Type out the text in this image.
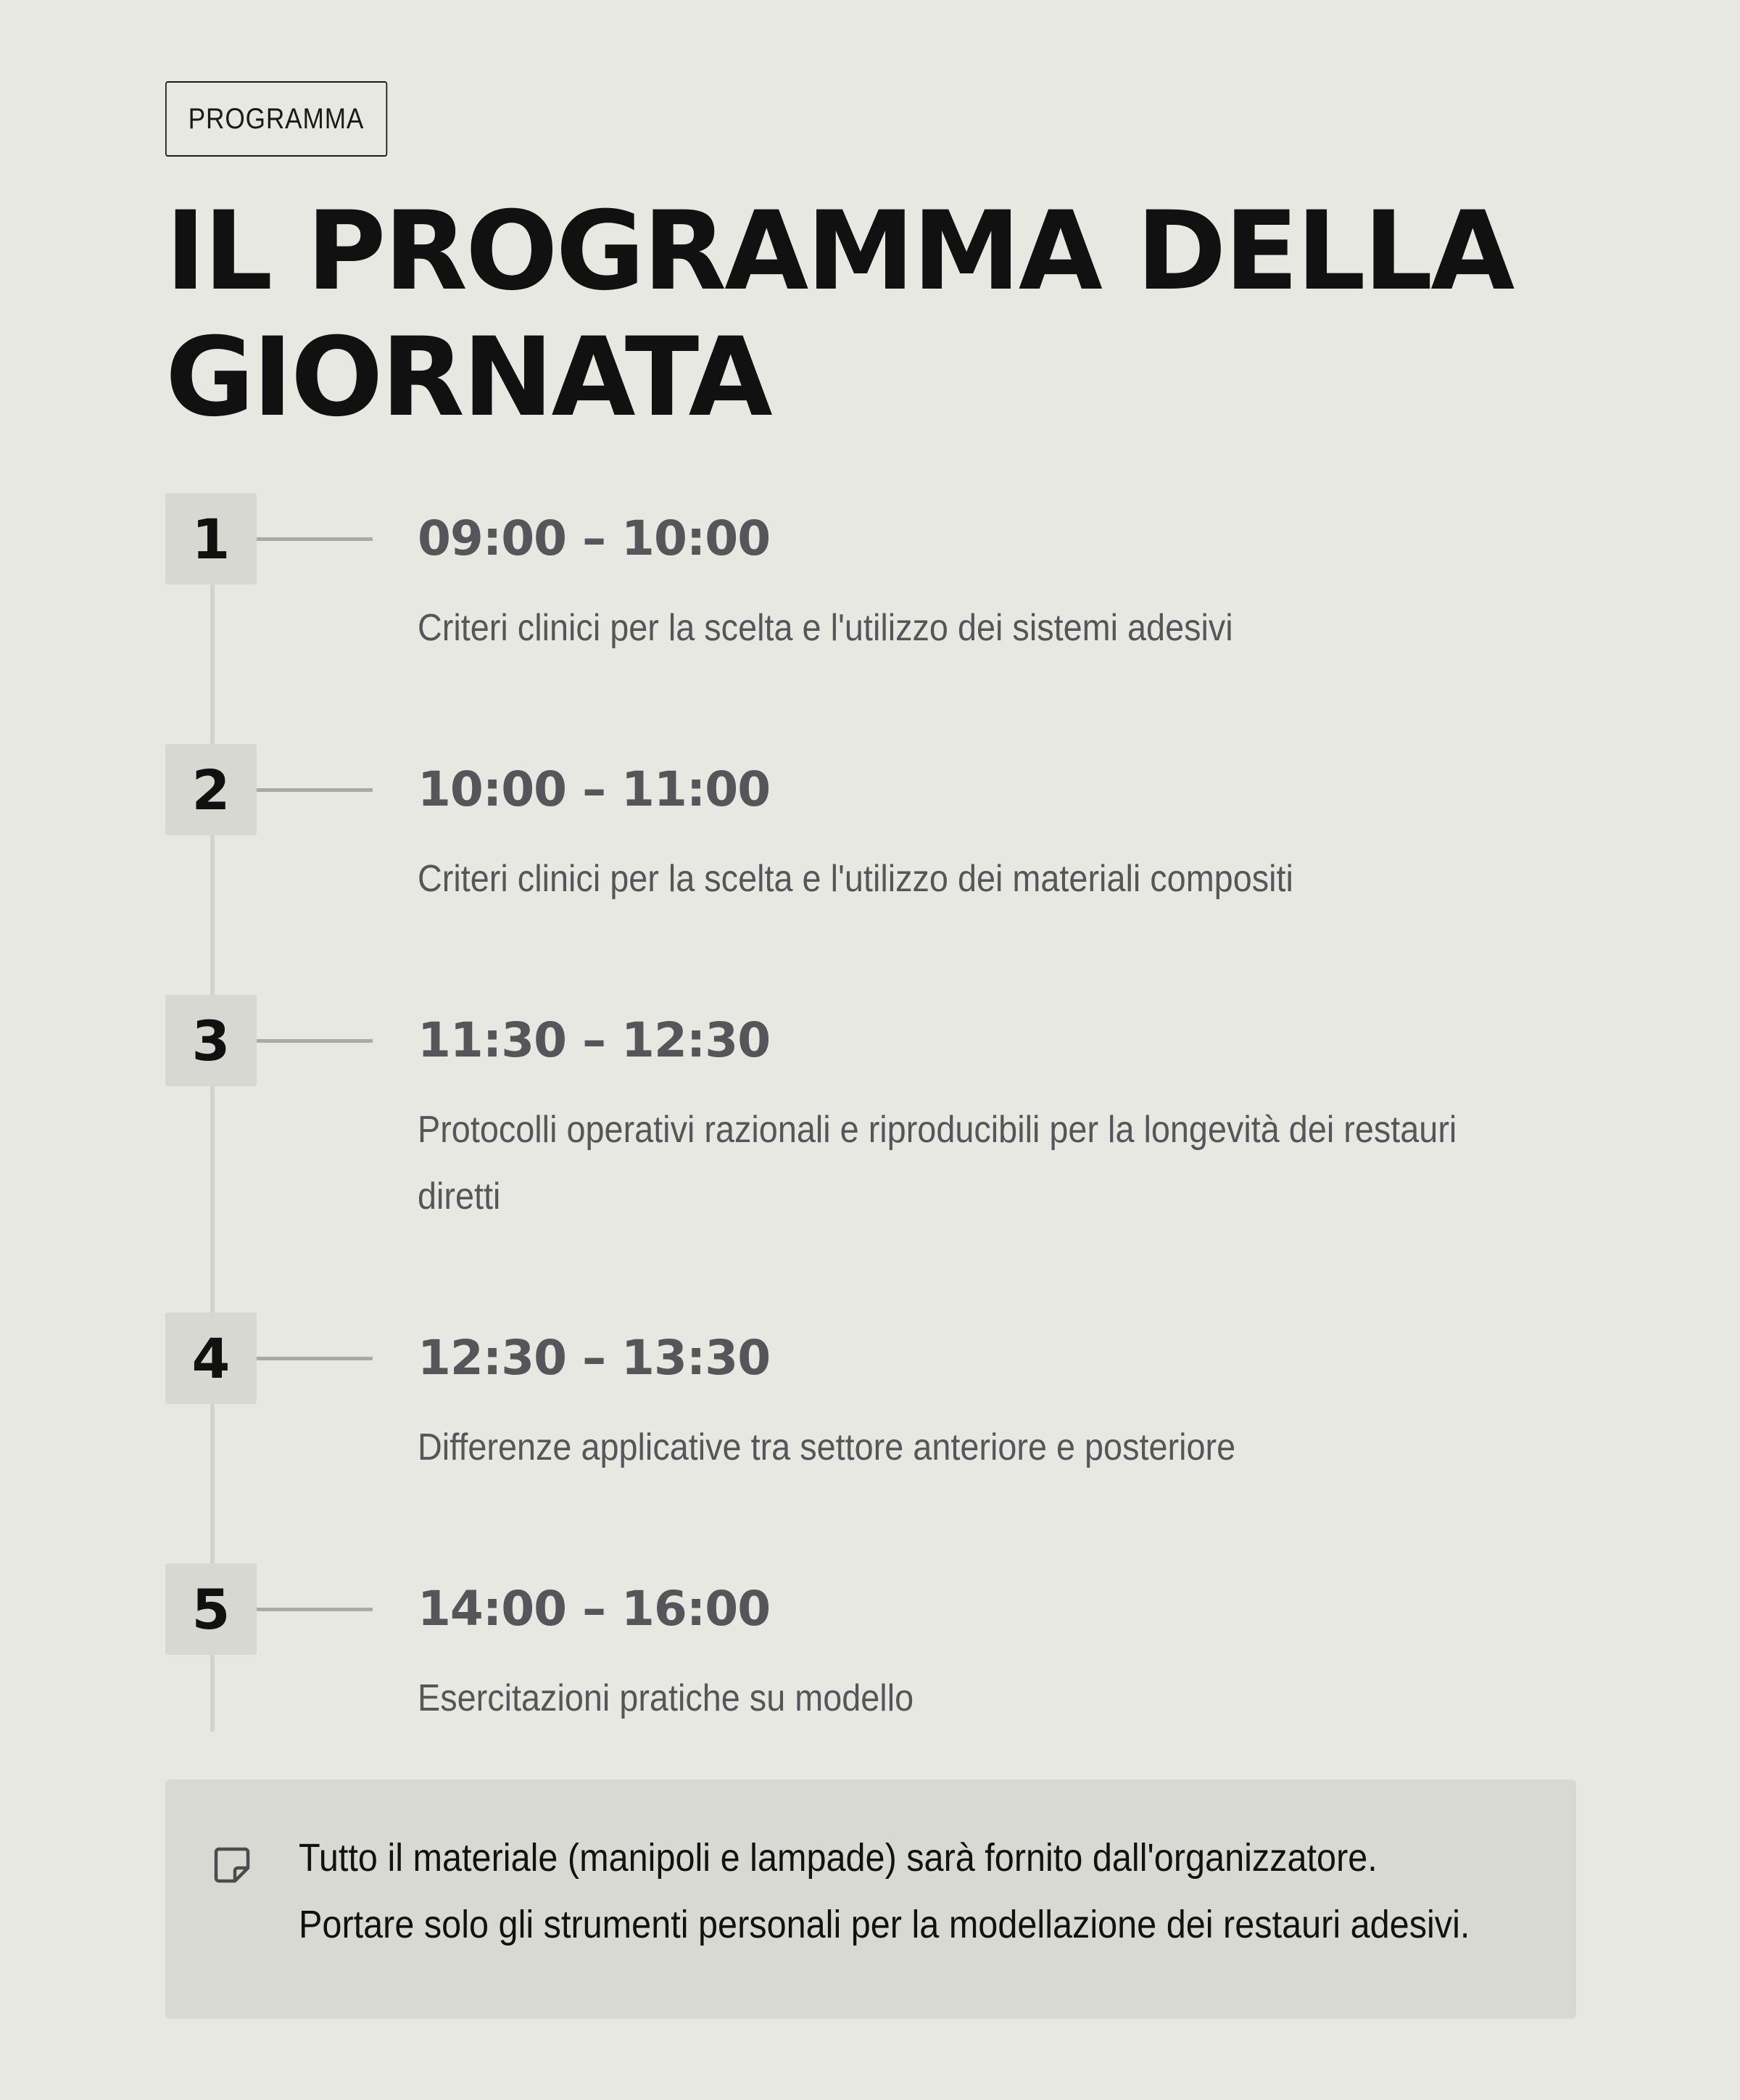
PROGRAMMA
IL PROGRAMMA DELLA
GIORNATA
1	09:00 – 10:00
Criteri clinici per la scelta e l'utilizzo dei sistemi adesivi
2	10:00 – 11:00
Criteri clinici per la scelta e l'utilizzo dei materiali compositi
3	11:30 – 12:30
Protocolli operativi razionali e riproducibili per la longevità dei restauri diretti
4	12:30 – 13:30
Differenze applicative tra settore anteriore e posteriore
5	14:00 – 16:00
Esercitazioni pratiche su modello
Tutto il materiale (manipoli e lampade) sarà fornito dall'organizzatore.
Portare solo gli strumenti personali per la modellazione dei restauri adesivi.
